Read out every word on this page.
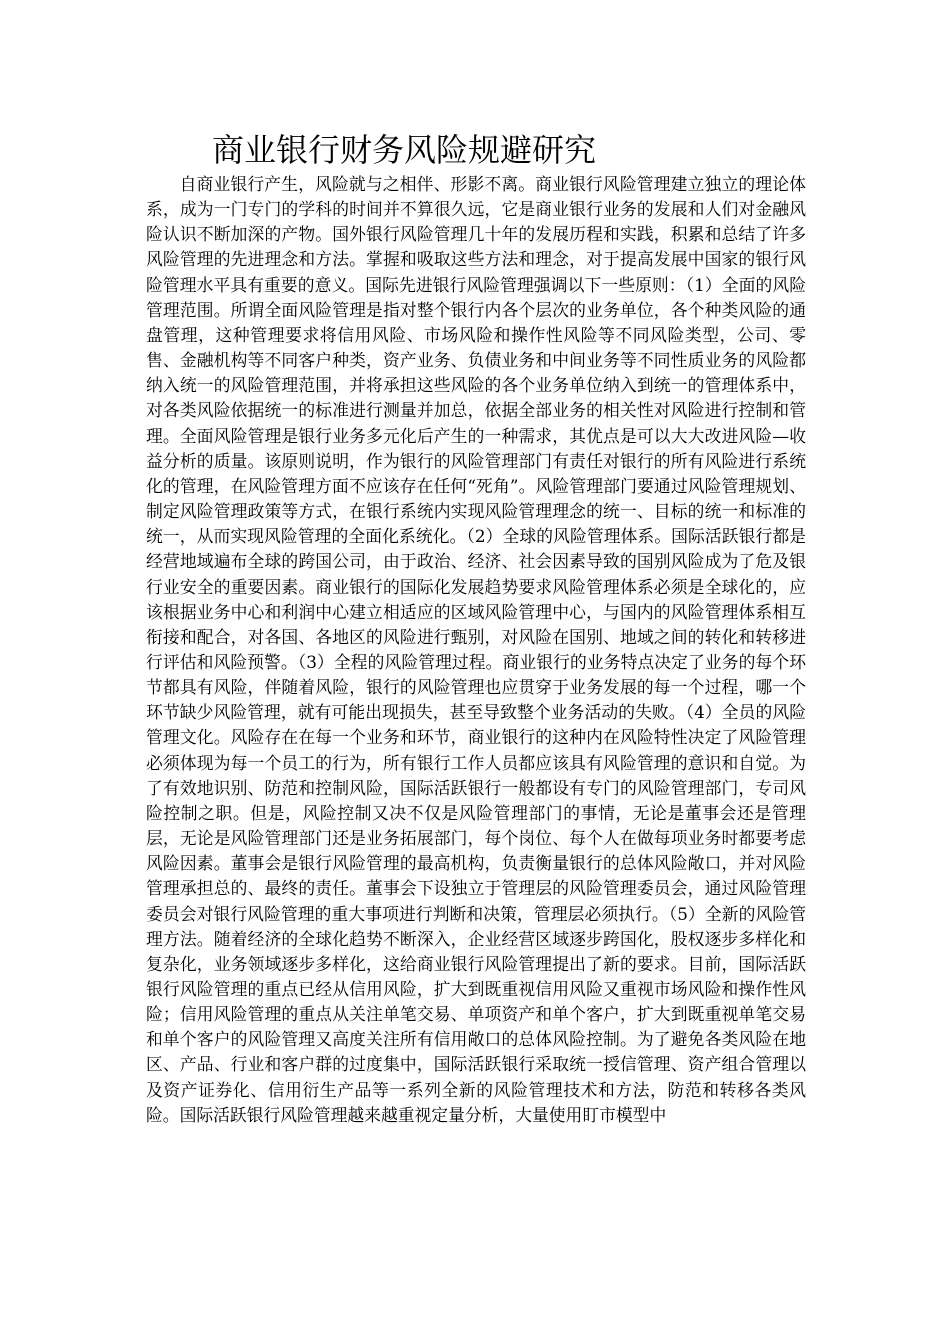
商业银行财务风险规避研究

自商业银行产生，风险就与之相伴、形影不离。商业银行风险管理建立独立的理论体系，成为一门专门的学科的时间并不算很久远，它是商业银行业务的发展和人们对金融风险认识不断加深的产物。国外银行风险管理几十年的发展历程和实践，积累和总结了许多风险管理的先进理念和方法。掌握和吸取这些方法和理念，对于提高发展中国家的银行风险管理水平具有重要的意义。国际先进银行风险管理强调以下一些原则：（1）全面的风险管理范围。所谓全面风险管理是指对整个银行内各个层次的业务单位，各个种类风险的通盘管理，这种管理要求将信用风险、市场风险和操作性风险等不同风险类型，公司、零售、金融机构等不同客户种类，资产业务、负债业务和中间业务等不同性质业务的风险都纳入统一的风险管理范围，并将承担这些风险的各个业务单位纳入到统一的管理体系中，对各类风险依据统一的标准进行测量并加总，依据全部业务的相关性对风险进行控制和管理。全面风险管理是银行业务多元化后产生的一种需求，其优点是可以大大改进风险—收益分析的质量。该原则说明，作为银行的风险管理部门有责任对银行的所有风险进行系统化的管理，在风险管理方面不应该存在任何“死角”。风险管理部门要通过风险管理规划、制定风险管理政策等方式，在银行系统内实现风险管理理念的统一、目标的统一和标准的统一，从而实现风险管理的全面化系统化。（2）全球的风险管理体系。国际活跃银行都是经营地域遍布全球的跨国公司，由于政治、经济、社会因素导致的国别风险成为了危及银行业安全的重要因素。商业银行的国际化发展趋势要求风险管理体系必须是全球化的，应该根据业务中心和利润中心建立相适应的区域风险管理中心，与国内的风险管理体系相互衔接和配合，对各国、各地区的风险进行甄别，对风险在国别、地域之间的转化和转移进行评估和风险预警。（3）全程的风险管理过程。商业银行的业务特点决定了业务的每个环节都具有风险，伴随着风险，银行的风险管理也应贯穿于业务发展的每一个过程，哪一个环节缺少风险管理，就有可能出现损失，甚至导致整个业务活动的失败。（4）全员的风险管理文化。风险存在在每一个业务和环节，商业银行的这种内在风险特性决定了风险管理必须体现为每一个员工的行为，所有银行工作人员都应该具有风险管理的意识和自觉。为了有效地识别、防范和控制风险，国际活跃银行一般都设有专门的风险管理部门，专司风险控制之职。但是，风险控制又决不仅是风险管理部门的事情，无论是董事会还是管理层，无论是风险管理部门还是业务拓展部门，每个岗位、每个人在做每项业务时都要考虑风险因素。董事会是银行风险管理的最高机构，负责衡量银行的总体风险敞口，并对风险管理承担总的、最终的责任。董事会下设独立于管理层的风险管理委员会，通过风险管理委员会对银行风险管理的重大事项进行判断和决策，管理层必须执行。（5）全新的风险管理方法。随着经济的全球化趋势不断深入，企业经营区域逐步跨国化，股权逐步多样化和复杂化，业务领域逐步多样化，这给商业银行风险管理提出了新的要求。目前，国际活跃银行风险管理的重点已经从信用风险，扩大到既重视信用风险又重视市场风险和操作性风险；信用风险管理的重点从关注单笔交易、单项资产和单个客户，扩大到既重视单笔交易和单个客户的风险管理又高度关注所有信用敞口的总体风险控制。为了避免各类风险在地区、产品、行业和客户群的过度集中，国际活跃银行采取统一授信管理、资产组合管理以及资产证券化、信用衍生产品等一系列全新的风险管理技术和方法，防范和转移各类风险。国际活跃银行风险管理越来越重视定量分析，大量使用盯市模型中
